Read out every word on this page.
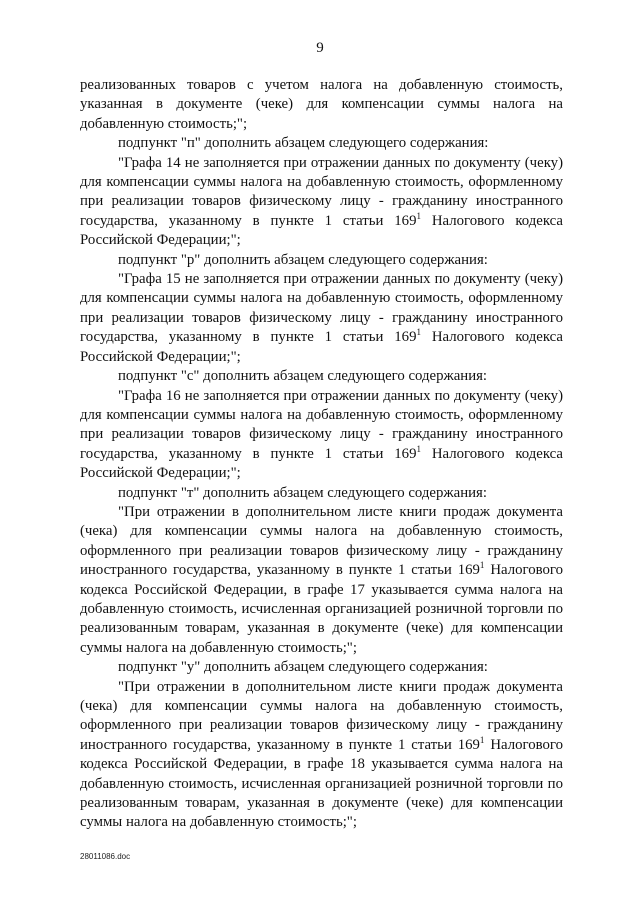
9

реализованных товаров с учетом налога на добавленную стоимость, указанная в документе (чеке) для компенсации суммы налога на добавленную стоимость;";

подпункт "п" дополнить абзацем следующего содержания:

"Графа 14 не заполняется при отражении данных по документу (чеку) для компенсации суммы налога на добавленную стоимость, оформленному при реализации товаров физическому лицу - гражданину иностранного государства, указанному в пункте 1 статьи $169^1$ Налогового кодекса Российской Федерации;";

подпункт "р" дополнить абзацем следующего содержания:

"Графа 15 не заполняется при отражении данных по документу (чеку) для компенсации суммы налога на добавленную стоимость, оформленному при реализации товаров физическому лицу - гражданину иностранного государства, указанному в пункте 1 статьи $169^1$ Налогового кодекса Российской Федерации;";

подпункт "с" дополнить абзацем следующего содержания:

"Графа 16 не заполняется при отражении данных по документу (чеку) для компенсации суммы налога на добавленную стоимость, оформленному при реализации товаров физическому лицу - гражданину иностранного государства, указанному в пункте 1 статьи $169^1$ Налогового кодекса Российской Федерации;";

подпункт "т" дополнить абзацем следующего содержания:

"При отражении в дополнительном листе книги продаж документа (чека) для компенсации суммы налога на добавленную стоимость, оформленного при реализации товаров физическому лицу - гражданину иностранного государства, указанному в пункте 1 статьи $169^1$ Налогового кодекса Российской Федерации, в графе 17 указывается сумма налога на добавленную стоимость, исчисленная организацией розничной торговли по реализованным товарам, указанная в документе (чеке) для компенсации суммы налога на добавленную стоимость;";

подпункт "у" дополнить абзацем следующего содержания:

"При отражении в дополнительном листе книги продаж документа (чека) для компенсации суммы налога на добавленную стоимость, оформленного при реализации товаров физическому лицу - гражданину иностранного государства, указанному в пункте 1 статьи $169^1$ Налогового кодекса Российской Федерации, в графе 18 указывается сумма налога на добавленную стоимость, исчисленная организацией розничной торговли по реализованным товарам, указанная в документе (чеке) для компенсации суммы налога на добавленную стоимость;";

28011086.doc
